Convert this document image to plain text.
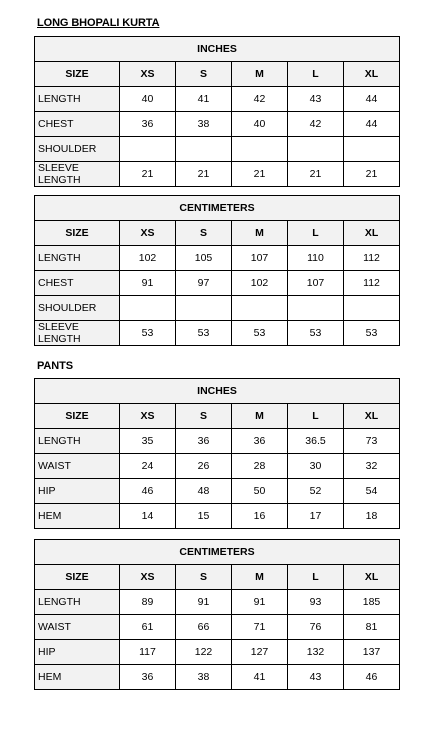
LONG BHOPALI KURTA
INCHES					
SIZE	XS	S	M	L	XL
LENGTH	40	41	42	43	44
CHEST	36	38	40	42	44
SHOULDER					
SLEEVE LENGTH	21	21	21	21	21
CENTIMETERS					
SIZE	XS	S	M	L	XL
LENGTH	102	105	107	110	112
CHEST	91	97	102	107	112
SHOULDER					
SLEEVE LENGTH	53	53	53	53	53
PANTS
INCHES					
SIZE	XS	S	M	L	XL
LENGTH	35	36	36	36.5	73
WAIST	24	26	28	30	32
HIP	46	48	50	52	54
HEM	14	15	16	17	18
CENTIMETERS					
SIZE	XS	S	M	L	XL
LENGTH	89	91	91	93	185
WAIST	61	66	71	76	81
HIP	117	122	127	132	137
HEM	36	38	41	43	46
